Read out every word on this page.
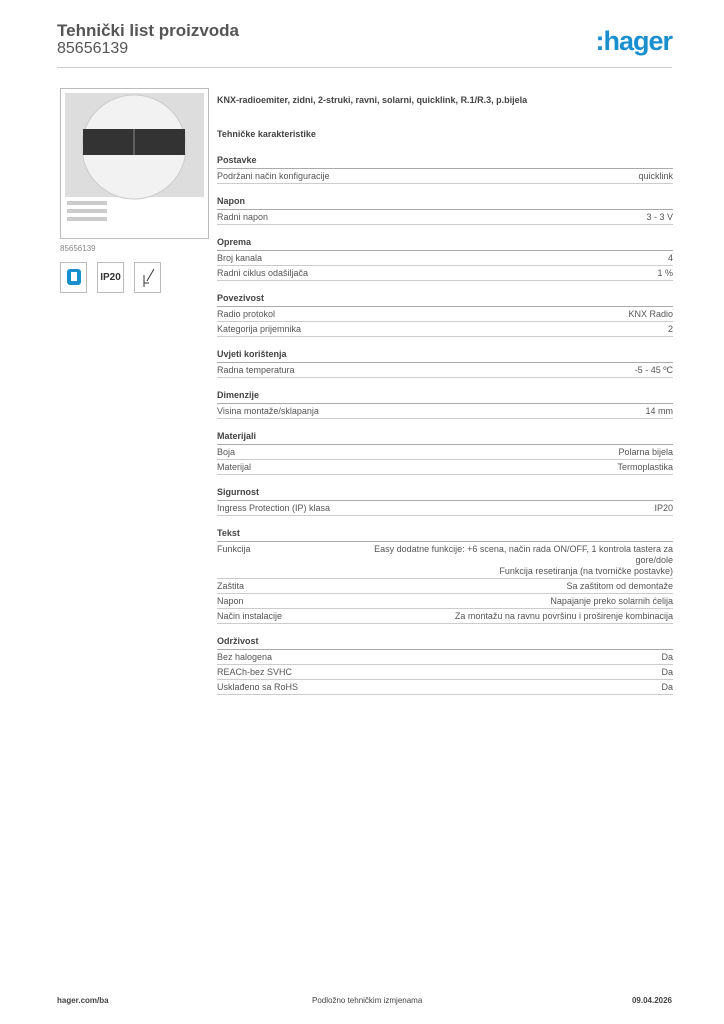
Tehnički list proizvoda
85656139	:hager
85656139
IP20
KNX-radioemiter, zidni, 2-struki, ravni, solarni, quicklink, R.1/R.3, p.bijela
Tehničke karakteristike
Postavke
Podržani način konfiguracije	quicklink
Napon
Radni napon	3 - 3 V
Oprema
Broj kanala	4
Radni ciklus odašiljača	1 %
Povezivost
Radio protokol	KNX Radio
Kategorija prijemnika	2
Uvjeti korištenja
Radna temperatura	-5 - 45 ºC
Dimenzije
Visina montaže/sklapanja	14 mm
Materijali
Boja	Polarna bijela
Materijal	Termoplastika
Sigurnost
Ingress Protection (IP) klasa	IP20
Tekst
Funkcija	Easy dodatne funkcije: +6 scena, način rada ON/OFF, 1 kontrola tastera za gore/dole
Funkcija resetiranja (na tvorničke postavke)
Zaštita	Sa zaštitom od demontaže
Napon	Napajanje preko solarnih ćelija
Način instalacije	Za montažu na ravnu površinu i proširenje kombinacija
Održivost
Bez halogena	Da
REACh-bez SVHC	Da
Usklađeno sa RoHS	Da
hager.com/ba	Podložno tehničkim izmjenama	09.04.2026
